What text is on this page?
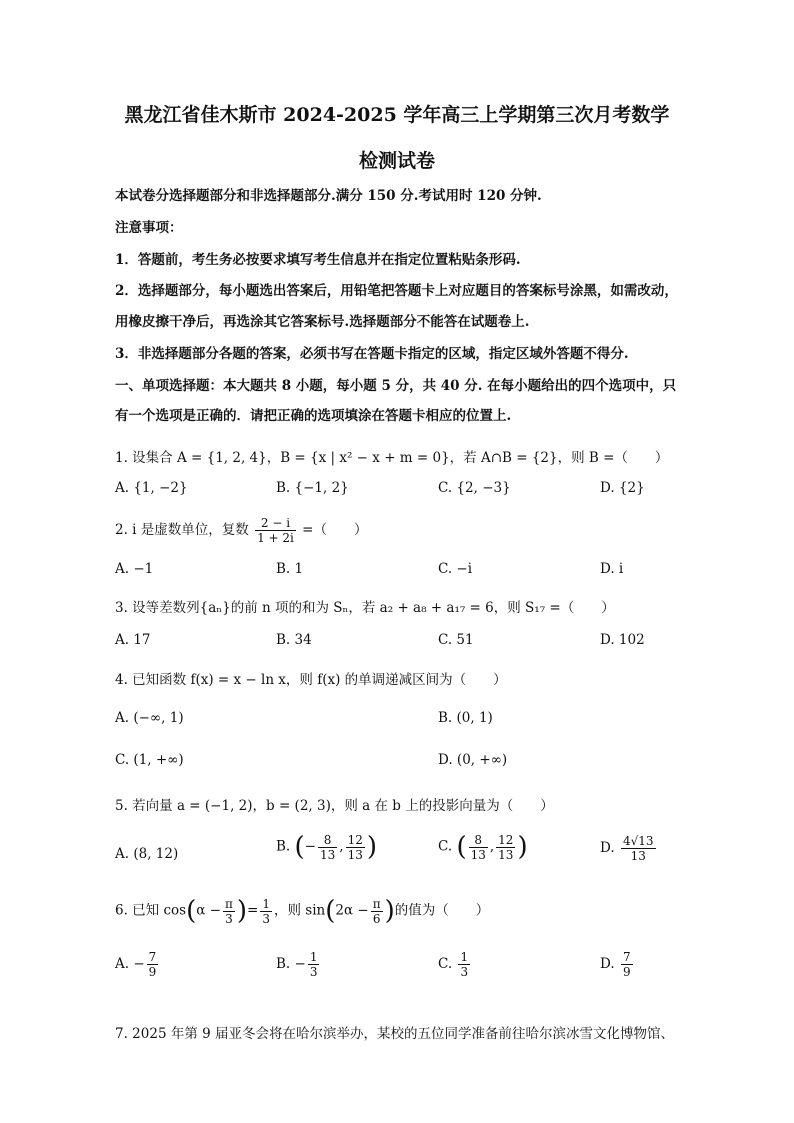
黑龙江省佳木斯市 2024-2025 学年高三上学期第三次月考数学
检测试卷
本试卷分选择题部分和非选择题部分.满分 150 分.考试用时 120 分钟.
注意事项：
1．答题前，考生务必按要求填写考生信息并在指定位置粘贴条形码.
2．选择题部分，每小题选出答案后，用铅笔把答题卡上对应题目的答案标号涂黑，如需改动，
用橡皮擦干净后，再选涂其它答案标号.选择题部分不能答在试题卷上.
3．非选择题部分各题的答案，必须书写在答题卡指定的区域，指定区域外答题不得分.
一、单项选择题：本大题共 8 小题，每小题 5 分，共 40 分. 在每小题给出的四个选项中，只
有一个选项是正确的．请把正确的选项填涂在答题卡相应的位置上.
1. 设集合 A = {1, 2, 4}，B = {x | x² − x + m = 0}，若 A∩B = {2}，则 B =（　　）
A. {1, −2}	B. {−1, 2}	C. {2, −3}	D. {2}
2. i 是虚数单位，复数 $\frac{2 - i}{1 + 2i}$ =（　　）
A. −1	B. 1	C. −i	D. i
3. 设等差数列{aₙ}的前 n 项的和为 Sₙ，若 a₂ + a₈ + a₁₇ = 6，则 S₁₇ =（　　）
A. 17	B. 34	C. 51	D. 102
4. 已知函数 f(x) = x − ln x，则 f(x) 的单调递减区间为（　　）
A. (−∞, 1)	B. (0, 1)
C. (1, +∞)	D. (0, +∞)
5. 若向量 a = (−1, 2)，b = (2, 3)，则 a 在 b 上的投影向量为（　　）
A. (8, 12)	B. (− $\frac{8}{13}$ , $\frac{12}{13}$ )	C. ( $\frac{8}{13}$ , $\frac{12}{13}$ )	D. $\frac{4√13}{13}$
6. 已知 $\cos(\alpha - \frac{\pi}{3}$ )= $\frac{1}{3}$ ，则 $\sin(2\alpha - \frac{\pi}{6}$ )的值为（　　）
A. − $\frac{7}{9}$	B. − $\frac{1}{3}$	C. $\frac{1}{3}$	D. $\frac{7}{9}$
7. 2025 年第 9 届亚冬会将在哈尔滨举办，某校的五位同学准备前往哈尔滨冰雪文化博物馆、
